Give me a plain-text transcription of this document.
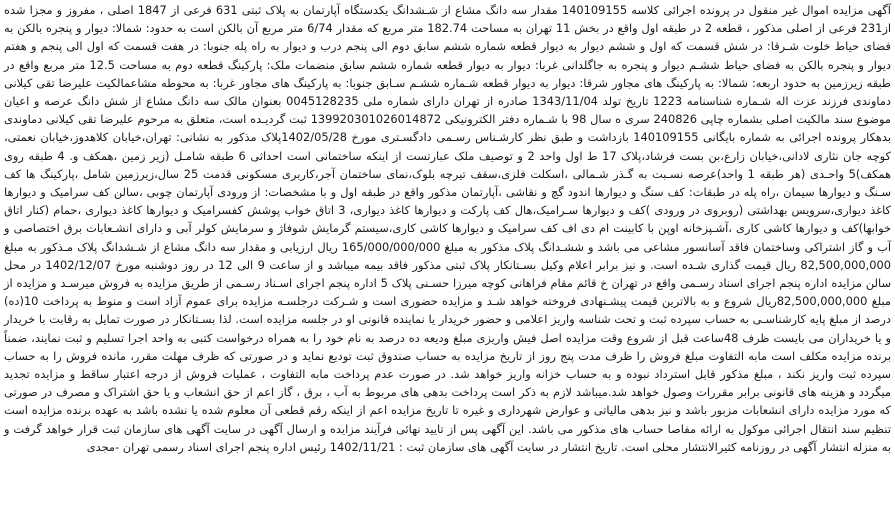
آگهی مزایده اموال غیر منقول در پرونده اجرائی کلاسه 140109155 مقدار سه دانگ مشاع از شـشدانگ یکدستگاه آپارتمان به پلاک ثبتی 631 فرعی از 1847 اصلی ، مفروز و مجزا شده از231 فرعی از اصلی مذکور ، قطعه 2 در طبقه اول واقع در بخش 11 تهران به مساحت 182.74 متر مربع که مقدار 6/74 متر مربع آن بالکن است به حدود: شمالا: دیوار و پنجره بالکن به فضای حیاط خلوت شـرقا: در شش قسمت که اول و ششم دیوار به دیوار قطعه شماره ششم سابق دوم الی پنجم درب و دیوار به راه پله جنوبا: در هفت قسمت که اول الی پنجم و هفتم دیوار و پنجره بالکن به فضای حیاط ششـم دیوار و پنجره به جاگلدانی غربا: دیوار به دیوار قطعه شماره ششم سابق منضمات ملک: پارکینگ قطعه دوم به مساحت 12.5 متر مربع واقع در طبقه زیرزمین به حدود اربعه: شمالا: به پارکینگ های مجاور شرقا: دیوار به دیوار قطعه شـماره ششـم سـابق جنوبا: به پارکینگ های مجاور غربا: به محوطه مشاعمالکیت علیرضا تقی کیلانی دماوندی فرزند عزت اله شـماره شناسنامه 1223 تاریخ تولد 1343/11/04 صادره از تهران دارای شماره ملی 0045128235 بعنوان مالک سه دانگ مشاع از شش دانگ عرصه و اعیان موضوع سند مالکیت اصلی بشماره چاپی 240826 سری ه سال 98 با شـماره دفتر الکترونیکی 139920301026014872 ثبت گردیـده است، متعلق به مرحوم علیرضا تقی کیلانی دماوندی بدهکار پرونده اجرائی به شماره بایگانی 140109155 بازداشت و طبق نظر کارشـناس رسـمی دادگسـتری مورخ 1402/05/28پلاک مذکور به نشانی: تهران،خیابان کلاهدوز،خیابان نعمتی، کوچه جان نثاری لادانی،خیابان زارع،بن بست فرشاد،پلاک 17 ط اول واحد 2 و توصیف ملک عبارتست از اینکه ساختمانی است احداثی 6 طبقه شامـل (زیر زمین ،همکف و. 4 طبقه روی همکف)5 واحـدی (هر طبقه 1 واحد)عرصه نسـبت به گـذر شـمالی ،اسکلت فلزی،سقف تیرچه بلوک،نمای ساختمان آجر،کاربری مسکونی قدمت 25 سال،زیرزمین شامل ،پارکینگ ها کف سـنگ و دیوارها سیمان ،راه پله در طبقات: کف سنگ و دیوارها اندود گچ و نقاشی ،آپارتمان مذکور واقع در طبقه اول و با مشخصات: از ورودی آپارتمان چوبی ،سالن کف سرامیک و دیوارها کاغذ دیواری،سرویس بهداشتی (روبروی در ورودی )کف و دیوارها سـرامیک،هال کف پارکت و دیوارها کاغذ دیواری، 3 اتاق خواب پوشش کفسرامیک و دیوارها کاغذ دیواری ،حمام (کنار اتاق خوابها)کف و دیوارها کاشی کاری ،آشـپزخانه اوپن با کابینت ام دی اف کف سرامیک و دیوارها کاشی کاری،سیستم گرمایش شوفاژ و سرمایش کولر آبی و دارای انشـعابات برق اختصاصی و آب و گاز اشتراکی وساختمان فاقد آسانسور مشاعی می باشد و ششـدانگ پلاک مذکور به مبلغ 165/000/000/000 ریال ارزیابی و مقدار سه دانگ مشاع از شـشدانگ پلاک مـذکور به مبلغ 82,500,000,000 ریال قیمت گذاری شـده است. و نیز برابر اعلام وکیل بسـتانکار پلاک ثبتی مذکور فاقد بیمه میباشد و از ساعت 9 الی 12 در روز دوشنبه مورخ 1402/12/07 در محل سالن مزایده اداره پنجم اجرای اسناد رسـمی واقع در تهران خ قائم مقام فراهانی کوچه میرزا حسـنی پلاک 5 اداره پنجم اجرای اسـناد رسـمی از طریق مزایده به فروش میرسـد و مزایده از مبلغ 82,500,000,000ریال شروع و به بالاترین قیمت پیشـنهادی فروخته خواهد شـد و مزایده حضوری است و شـرکت درجلسـه مزایده برای عموم آزاد است و منوط به پرداخت 10(ده) درصد از مبلغ پایه کارشناسـی به حساب سپرده ثبت و تحت شناسه واریز اعلامی و حضور خریدار یا نماینده قانونی او در جلسه مزایده است. لذا بسـتانکار در صورت تمایل به رقابت با خریدار و یا خریداران می بایست ظرف 48ساعت قبل از شروع وقت مزایده اصل فیش واریزی مبلغ ودیعه ده درصد به نام خود را به همراه درخواست کتبی به واحد اجرا تسلیم و ثبت نمایند، ضمناً برنده مزایده مکلف است مابه التفاوت مبلغ فروش را ظرف مدت پنج روز از تاریخ مزایده به حساب صندوق ثبت تودیع نماید و در صورتی که ظرف مهلت مقرر، مانده فروش را به حساب سپرده ثبت واریز نکند ، مبلغ مذکور قابل استرداد نبوده و به حساب خزانه واریز خواهد شد. در صورت عدم پرداخت مابه التفاوت ، عملیات فروش از درجه اعتبار ساقط و مزایده تجدید میگردد و هزینه های قانونی برابر مقررات وصول خواهد شد.میباشد لازم به ذکر است پرداخت بدهی های مربوط به آب ، برق ، گاز اعم از حق انشعاب و یا حق اشتراک و مصرف در صورتی که مورد مزایده دارای انشعابات مزبور باشد و نیز بدهی مالیاتی و عوارض شهرداری و غیره تا تاریخ مزایده اعم از اینکه رقم قطعی آن معلوم شده یا نشده باشد به عهده برنده مزایده است تنظیم سند انتقال اجرائی موکول به ارائه مفاصا حساب های مذکور می باشد. این آگهی پس از تایید نهائی فرآیند مزایده و ارسال آگهی در سایت آگهی های سازمان ثبت قرار خواهد گرفت و به منزله انتشار آگهی در روزنامه کثیرالانتشار محلی است. تاریخ انتشار در سایت آگهی های سازمان ثبت : 1402/11/21 رئیس اداره پنجم اجرای اسناد رسمی تهران -مجدی
